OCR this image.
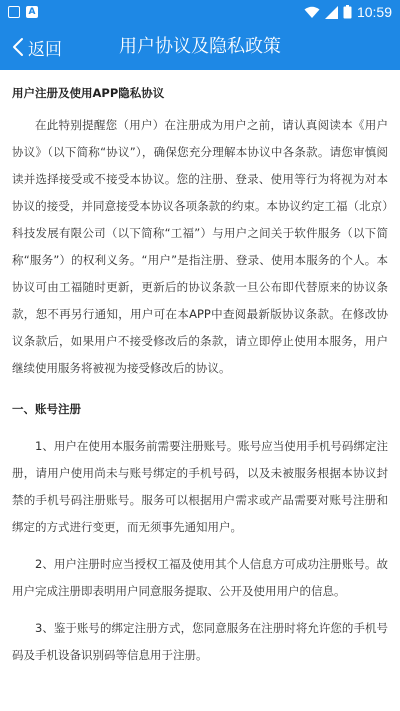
A	10:59
返回	用户协议及隐私政策
用户注册及使用APP隐私协议

在此特别提醒您（用户）在注册成为用户之前，请认真阅读本《用户协议》（以下简称“协议”），确保您充分理解本协议中各条款。请您审慎阅读并选择接受或不接受本协议。您的注册、登录、使用等行为将视为对本协议的接受，并同意接受本协议各项条款的约束。本协议约定工福（北京）科技发展有限公司（以下简称“工福”）与用户之间关于软件服务（以下简称“服务”）的权利义务。“用户”是指注册、登录、使用本服务的个人。本协议可由工福随时更新，更新后的协议条款一旦公布即代替原来的协议条款，恕不再另行通知，用户可在本APP中查阅最新版协议条款。在修改协议条款后，如果用户不接受修改后的条款，请立即停止使用本服务，用户继续使用服务将被视为接受修改后的协议。

一、账号注册

1、用户在使用本服务前需要注册账号。账号应当使用手机号码绑定注册，请用户使用尚未与账号绑定的手机号码，以及未被服务根据本协议封禁的手机号码注册账号。服务可以根据用户需求或产品需要对账号注册和绑定的方式进行变更，而无须事先通知用户。

2、用户注册时应当授权工福及使用其个人信息方可成功注册账号。故用户完成注册即表明用户同意服务提取、公开及使用用户的信息。

3、鉴于账号的绑定注册方式，您同意服务在注册时将允许您的手机号码及手机设备识别码等信息用于注册。
